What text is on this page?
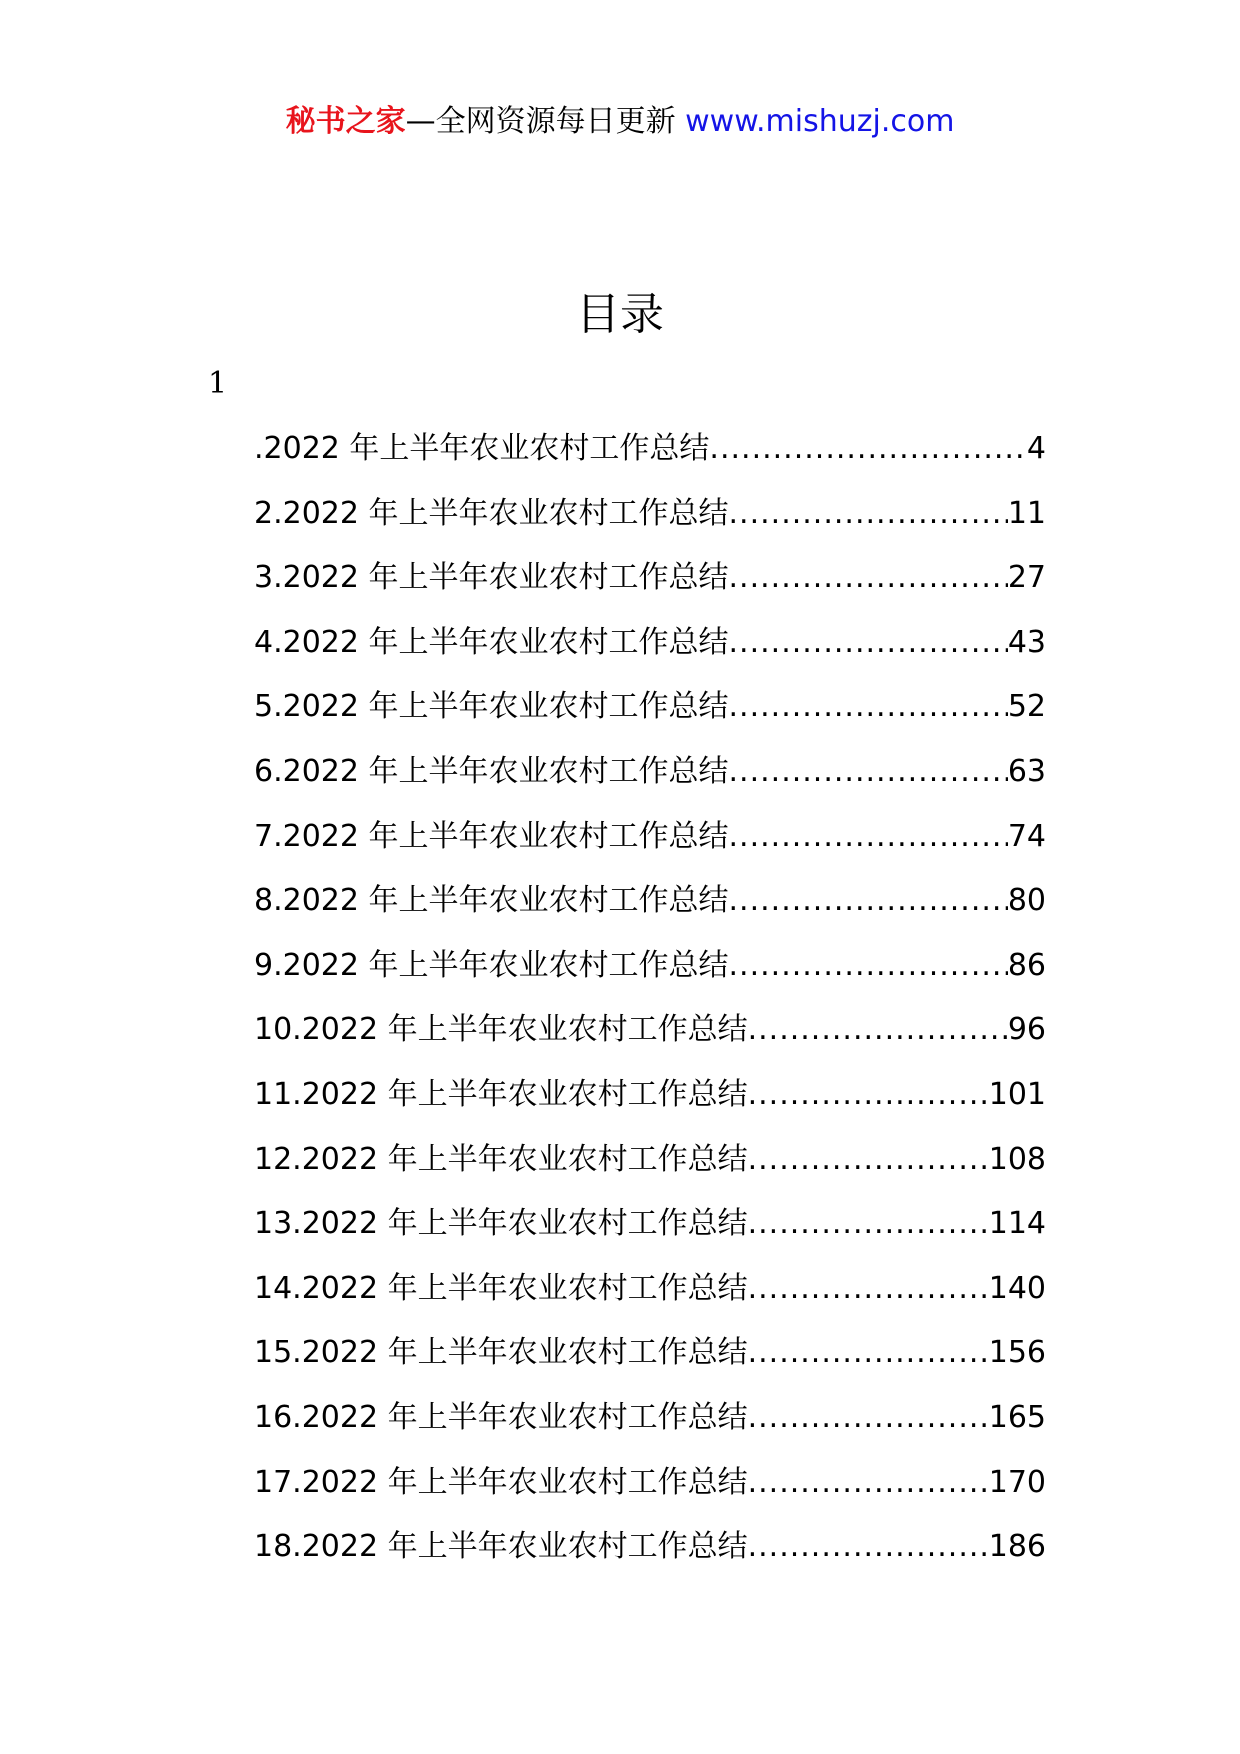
秘书之家—全网资源每日更新 www.mishuzj.com
目录
1
.2022 年上半年农业农村工作总结 .....	4
2.2022 年上半年农业农村工作总结 .....	11
3.2022 年上半年农业农村工作总结 .....	27
4.2022 年上半年农业农村工作总结 .....	43
5.2022 年上半年农业农村工作总结 .....	52
6.2022 年上半年农业农村工作总结 .....	63
7.2022 年上半年农业农村工作总结 .....	74
8.2022 年上半年农业农村工作总结 .....	80
9.2022 年上半年农业农村工作总结 .....	86
10.2022 年上半年农业农村工作总结 .....	96
11.2022 年上半年农业农村工作总结 .....	101
12.2022 年上半年农业农村工作总结 .....	108
13.2022 年上半年农业农村工作总结 .....	114
14.2022 年上半年农业农村工作总结 .....	140
15.2022 年上半年农业农村工作总结 .....	156
16.2022 年上半年农业农村工作总结 .....	165
17.2022 年上半年农业农村工作总结 .....	170
18.2022 年上半年农业农村工作总结 .....	186
